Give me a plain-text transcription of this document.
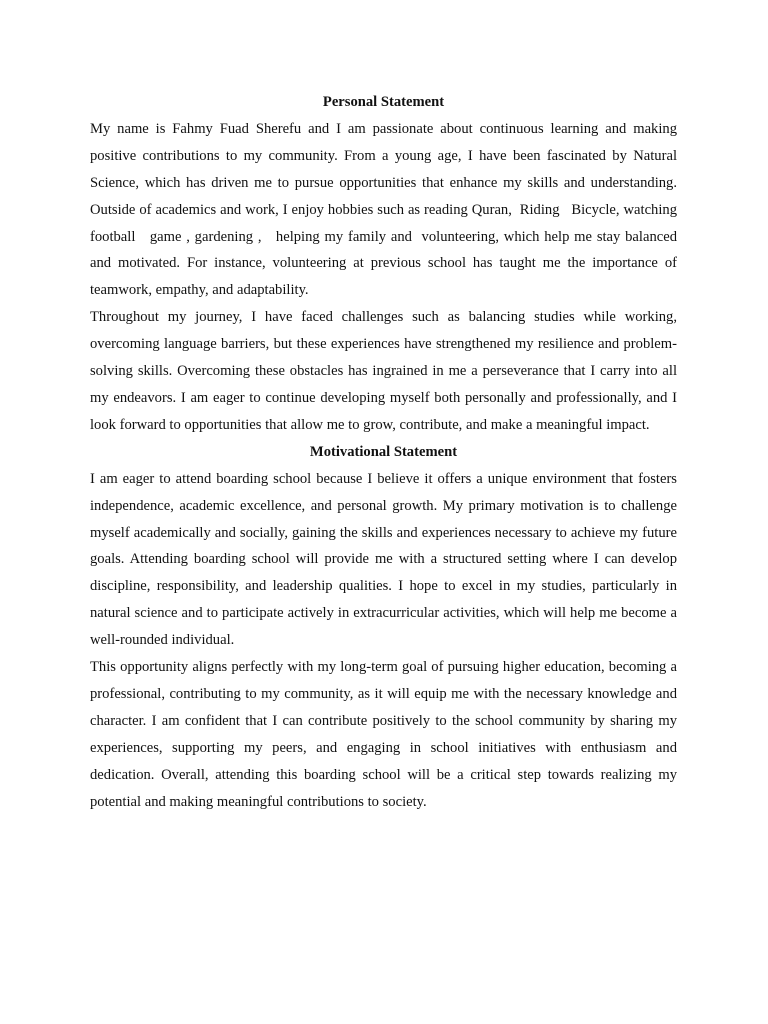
Personal Statement

My name is Fahmy Fuad Sherefu and I am passionate about continuous learning and making positive contributions to my community. From a young age, I have been fascinated by Natural Science, which has driven me to pursue opportunities that enhance my skills and understanding. Outside of academics and work, I enjoy hobbies such as reading Quran,  Riding   Bicycle, watching   football   game , gardening ,   helping my family and  volunteering, which help me stay balanced and motivated. For instance, volunteering at previous school has taught me the importance of teamwork, empathy, and adaptability.

Throughout my journey, I have faced challenges such as balancing studies while working, overcoming language barriers, but these experiences have strengthened my resilience and problem-solving skills. Overcoming these obstacles has ingrained in me a perseverance that I carry into all my endeavors. I am eager to continue developing myself both personally and professionally, and I look forward to opportunities that allow me to grow, contribute, and make a meaningful impact.

Motivational Statement

I am eager to attend boarding school because I believe it offers a unique environment that fosters independence, academic excellence, and personal growth. My primary motivation is to challenge myself academically and socially, gaining the skills and experiences necessary to achieve my future goals. Attending boarding school will provide me with a structured setting where I can develop discipline, responsibility, and leadership qualities. I hope to excel in my studies, particularly in natural science and to participate actively in extracurricular activities, which will help me become a well-rounded individual.

This opportunity aligns perfectly with my long-term goal of pursuing higher education, becoming a professional, contributing to my community, as it will equip me with the necessary knowledge and character. I am confident that I can contribute positively to the school community by sharing my experiences, supporting my peers, and engaging in school initiatives with enthusiasm and dedication. Overall, attending this boarding school will be a critical step towards realizing my potential and making meaningful contributions to society.
